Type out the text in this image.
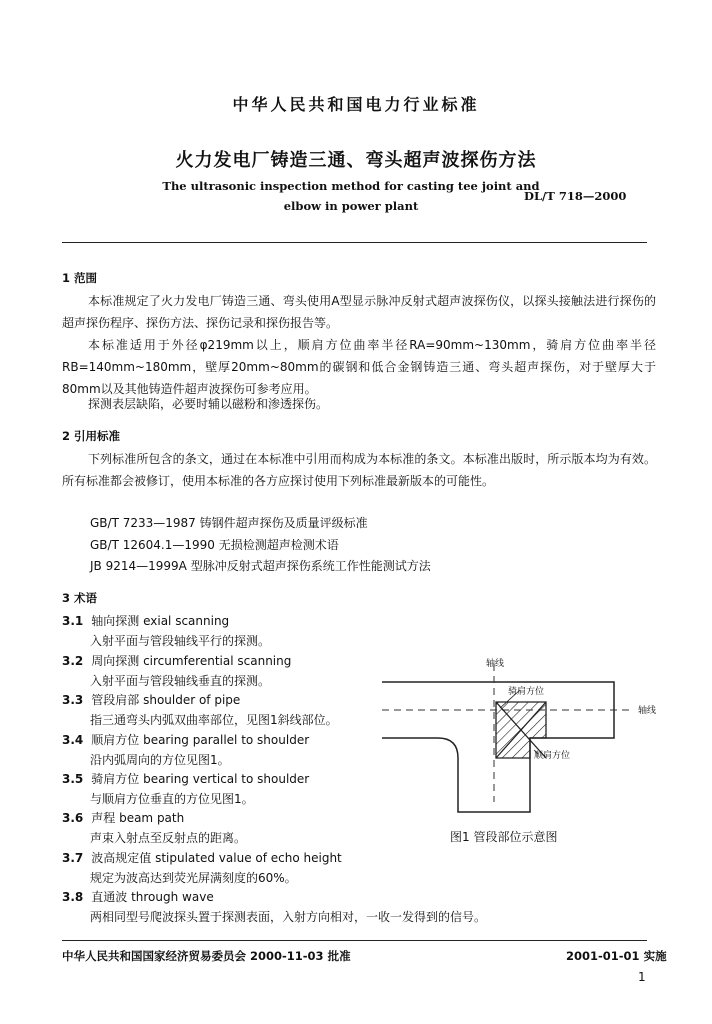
中华人民共和国电力行业标准
火力发电厂铸造三通、弯头超声波探伤方法
The ultrasonic inspection method for casting tee joint and
elbow in power plant
DL/T 718—2000
1 范围
本标准规定了火力发电厂铸造三通、弯头使用A型显示脉冲反射式超声波探伤仪，以探头接触法进行探伤的超声探伤程序、探伤方法、探伤记录和探伤报告等。
本标准适用于外径φ219mm以上，顺肩方位曲率半径RA=90mm~130mm，骑肩方位曲率半径RB=140mm~180mm，壁厚20mm~80mm的碳钢和低合金钢铸造三通、弯头超声探伤，对于壁厚大于80mm以及其他铸造件超声波探伤可参考应用。
探测表层缺陷，必要时辅以磁粉和渗透探伤。
2 引用标准
下列标准所包含的条文，通过在本标准中引用而构成为本标准的条文。本标准出版时，所示版本均为有效。所有标准都会被修订，使用本标准的各方应探讨使用下列标准最新版本的可能性。
GB/T 7233—1987 铸钢件超声探伤及质量评级标准
GB/T 12604.1—1990 无损检测超声检测术语
JB 9214—1999A 型脉冲反射式超声探伤系统工作性能测试方法
3 术语
3.1 轴向探测 exial scanning
入射平面与管段轴线平行的探测。
3.2 周向探测 circumferential scanning
入射平面与管段轴线垂直的探测。
3.3 管段肩部 shoulder of pipe
指三通弯头内弧双曲率部位，见图1斜线部位。
3.4 顺肩方位 bearing parallel to shoulder
沿内弧周向的方位见图1。
3.5 骑肩方位 bearing vertical to shoulder
与顺肩方位垂直的方位见图1。
3.6 声程 beam path
声束入射点至反射点的距离。
3.7 波高规定值 stipulated value of echo height
规定为波高达到荧光屏满刻度的60%。
3.8 直通波 through wave
两相同型号爬波探头置于探测表面，入射方向相对，一收一发得到的信号。
轴线
轴线
骑肩方位
顺肩方位
图1 管段部位示意图
中华人民共和国国家经济贸易委员会 2000-11-03 批准	2001-01-01 实施
1
